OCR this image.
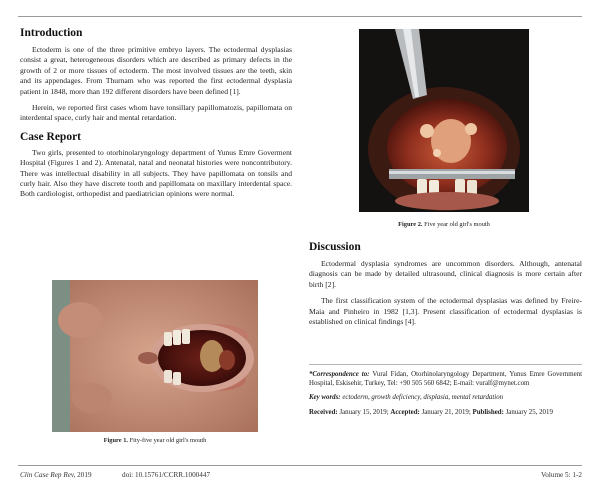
Introduction

Ectoderm is one of the three primitive embryo layers. The ectodermal dysplasias consist a great, heterogeneous disorders which are described as primary defects in the growth of 2 or more tissues of ectoderm. The most involved tissues are the teeth, skin and its appendages. From Thurnam who was reported the first ectodermal dysplasia patient in 1848, more than 192 different disorders have been defined [1].

Herein, we reported first cases whom have tonsillary papillomatozis, papillomata on interdental space, curly hair and mental retardation.

Case Report

Two girls, presented to otorhinolaryngology department of Yunus Emre Goverment Hospital (Figures 1 and 2). Antenatal, natal and neonatal histories were noncontributory. There was intellectual disability in all subjects. They have papillomata on tonsils and curly hair. Also they have discrete tooth and papillomata on maxillary interdental space. Both cardiologist, orthopedist and paediatrician opinions were normal.

Figure 1. Fity-five year old girl's mouth
Figure 2. Five year old girl's mouth
Discussion

Ectodermal dysplasia syndromes are uncommon disorders. Although, antenatal diagnosis can be made by detailed ultrasound, clinical diagnosis is more certain after birth [2].

The first classification system of the ectodermal dysplasias was defined by Freire-Maia and Pinheiro in 1982 [1,3]. Present classification of ectodermal dysplasias is established on clinical findings [4].

*Correspondence to: Vural Fidan, Otorhinolaryngology Department, Yunus Emre Government Hospital, Eskisehir, Turkey, Tel: +90 505 560 6842; E-mail: vuralf@mynet.com

Key words: ectoderm, growth deficiency, displasia, mental retardation

Received: January 15, 2019; Accepted: January 21, 2019; Published: January 25, 2019

Clin Case Rep Rev, 2019	doi: 10.15761/CCRR.1000447	Volume 5: 1-2
